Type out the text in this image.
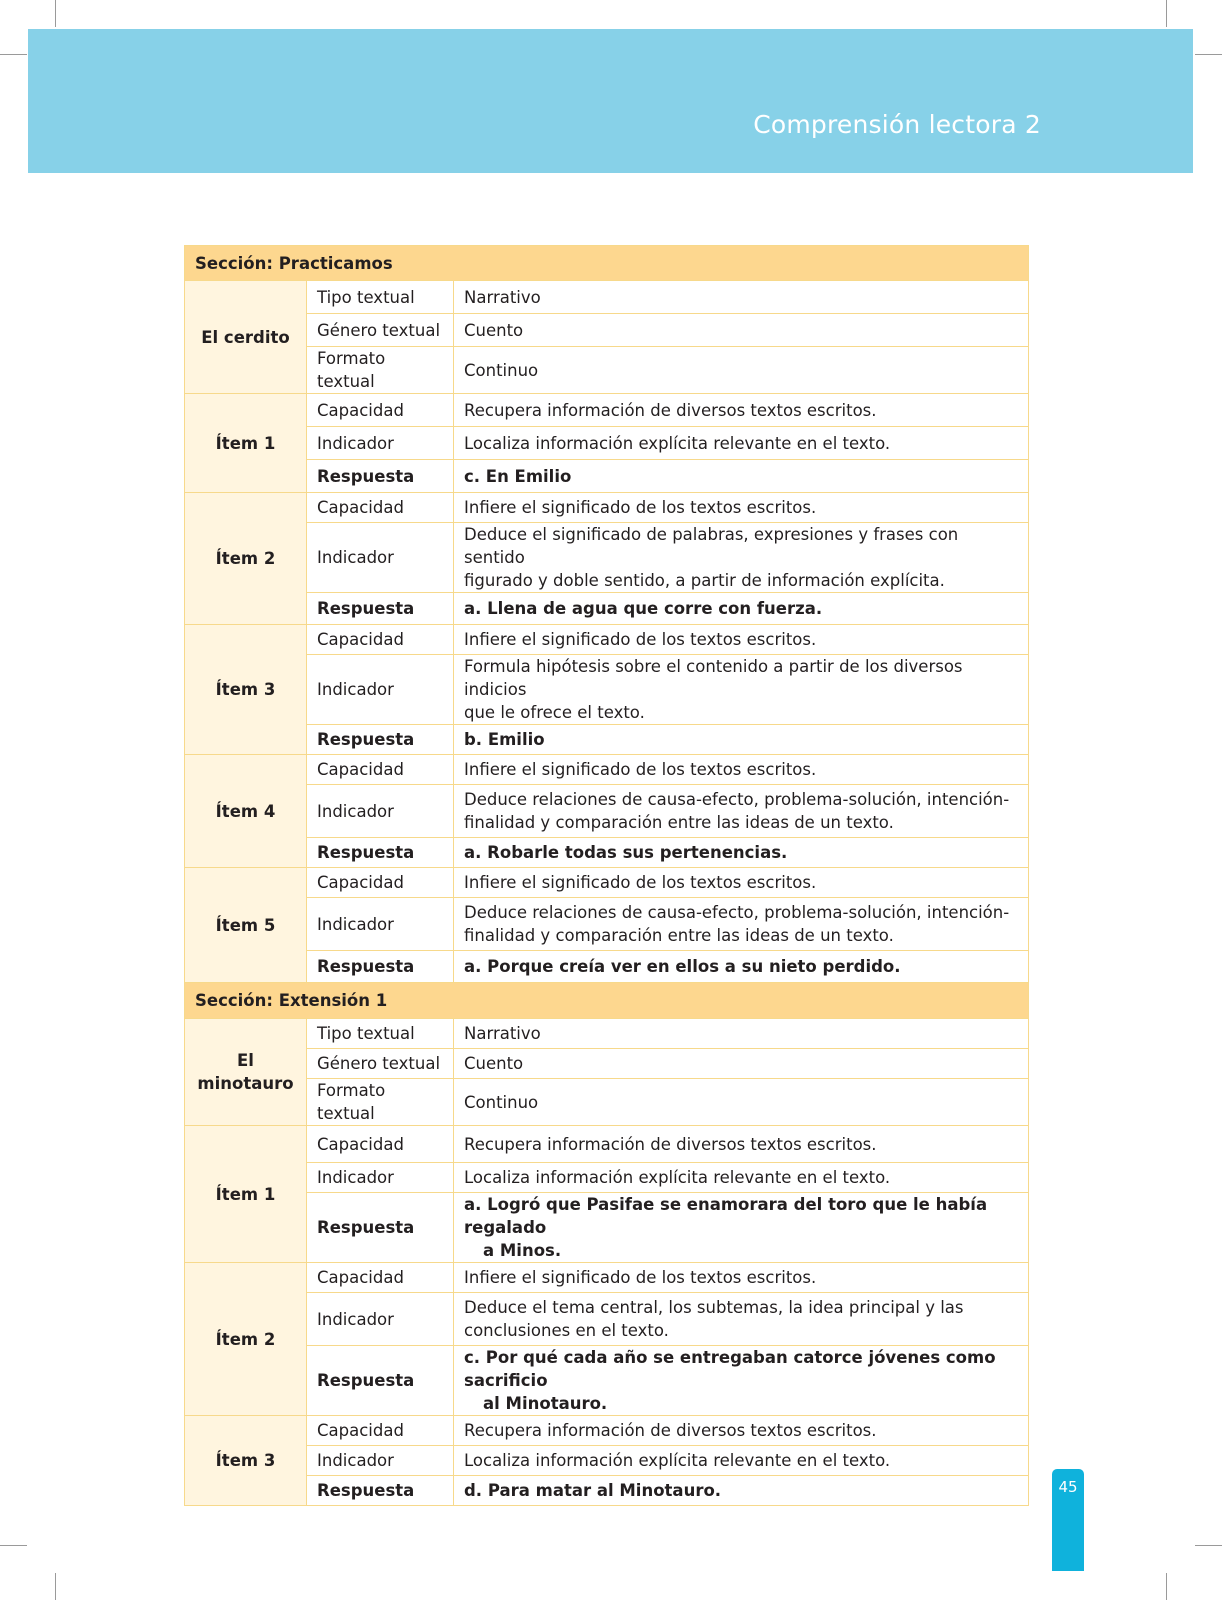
Comprensión lectora 2
Sección: Practicamos		
El cerdito	Tipo textual	Narrativo
	Género textual	Cuento
	Formato textual	Continuo
Ítem 1	Capacidad	Recupera información de diversos textos escritos.
	Indicador	Localiza información explícita relevante en el texto.
	Respuesta	c. En Emilio
Ítem 2	Capacidad	Infiere el significado de los textos escritos.
	Indicador	Deduce el significado de palabras, expresiones y frases con sentido
figurado y doble sentido, a partir de información explícita.
	Respuesta	a. Llena de agua que corre con fuerza.
Ítem 3	Capacidad	Infiere el significado de los textos escritos.
	Indicador	Formula hipótesis sobre el contenido a partir de los diversos indicios
que le ofrece el texto.
	Respuesta	b. Emilio
Ítem 4	Capacidad	Infiere el significado de los textos escritos.
	Indicador	Deduce relaciones de causa-efecto, problema-solución, intención-
finalidad y comparación entre las ideas de un texto.
	Respuesta	a. Robarle todas sus pertenencias.
Ítem 5	Capacidad	Infiere el significado de los textos escritos.
	Indicador	Deduce relaciones de causa-efecto, problema-solución, intención-
finalidad y comparación entre las ideas de un texto.
	Respuesta	a. Porque creía ver en ellos a su nieto perdido.
Sección: Extensión 1		
El
minotauro	Tipo textual	Narrativo
	Género textual	Cuento
	Formato textual	Continuo
Ítem 1	Capacidad	Recupera información de diversos textos escritos.
	Indicador	Localiza información explícita relevante en el texto.
	Respuesta	a. Logró que Pasifae se enamorara del toro que le había regalado
a Minos.
Ítem 2	Capacidad	Infiere el significado de los textos escritos.
	Indicador	Deduce el tema central, los subtemas, la idea principal y las
conclusiones en el texto.
	Respuesta	c. Por qué cada año se entregaban catorce jóvenes como sacrificio
al Minotauro.
Ítem 3	Capacidad	Recupera información de diversos textos escritos.
	Indicador	Localiza información explícita relevante en el texto.
	Respuesta	d. Para matar al Minotauro.	45
